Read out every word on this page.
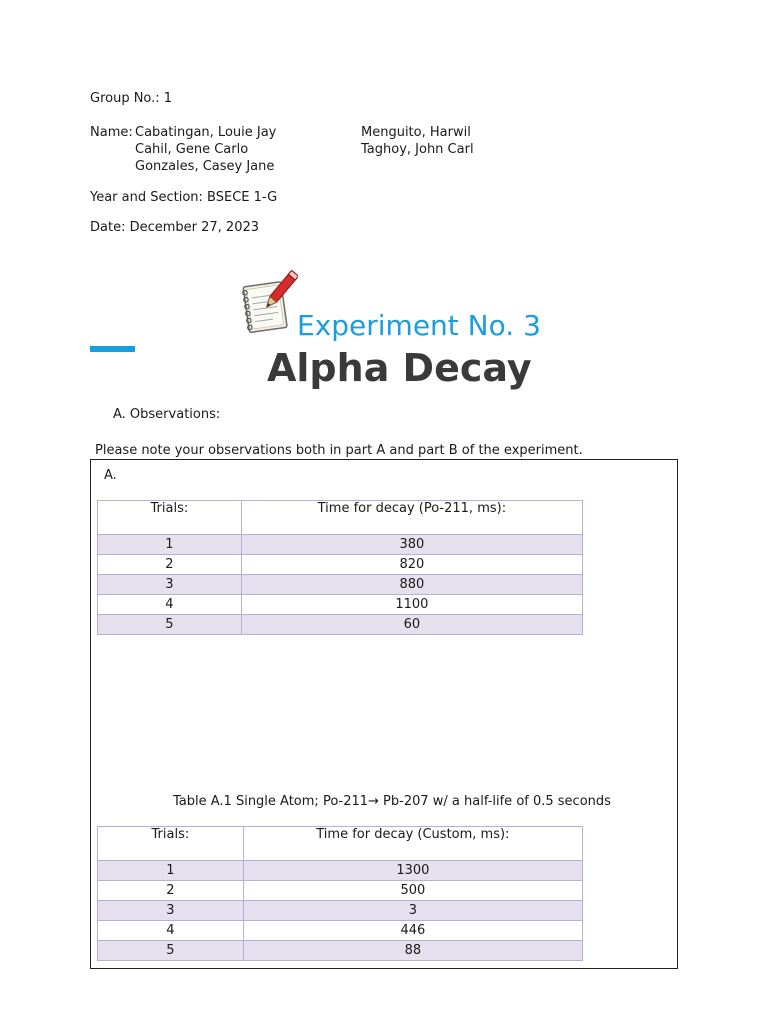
Group No.: 1
Name: Cabatingan, Louie Jay
Cahil, Gene Carlo
Gonzales, Casey Jane
Menguito, Harwil
Taghoy, John Carl
Year and Section: BSECE 1-G
Date: December 27, 2023
Experiment No. 3
Alpha Decay
A. Observations:
Please note your observations both in part A and part B of the experiment.
A.
Trials:	Time for decay (Po-211, ms):
1	380
2	820
3	880
4	1100
5	60
Table A.1 Single Atom; Po-211→ Pb-207 w/ a half-life of 0.5 seconds
Trials:	Time for decay (Custom, ms):
1	1300
2	500
3	3
4	446
5	88
